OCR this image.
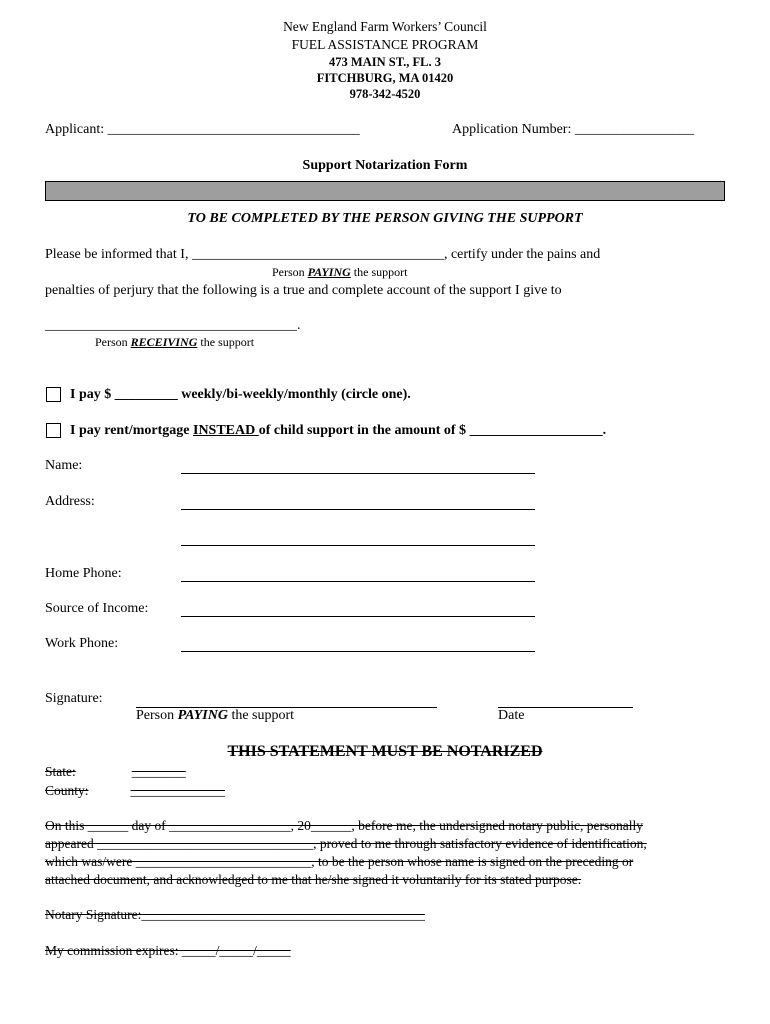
New England Farm Workers’ Council
FUEL ASSISTANCE PROGRAM
473 MAIN ST., FL. 3
FITCHBURG, MA 01420
978-342-4520
Applicant: ____________________________________	Application Number: _________________
Support Notarization Form
TO BE COMPLETED BY THE PERSON GIVING THE SUPPORT
Please be informed that I, ____________________________________, certify under the pains and
Person PAYING the support
penalties of perjury that the following is a true and complete account of the support I give to
____________________________________.
Person RECEIVING the support
I pay $ _________ weekly/bi-weekly/monthly (circle one).
I pay rent/mortgage INSTEAD of child support in the amount of $ ___________________.
Name:
Address:
Home Phone:
Source of Income:
Work Phone:
Signature:
Person PAYING the support	Date
THIS STATEMENT MUST BE NOTARIZED
State:	________
County:	______________
On this ______ day of __________________, 20______, before me, the undersigned notary public, personally
appeared ________________________________, proved to me through satisfactory evidence of identification,
which was/were __________________________, to be the person whose name is signed on the preceding or
attached document, and acknowledged to me that he/she signed it voluntarily for its stated purpose.
Notary Signature:__________________________________________
My commission expires: _____/_____/_____
